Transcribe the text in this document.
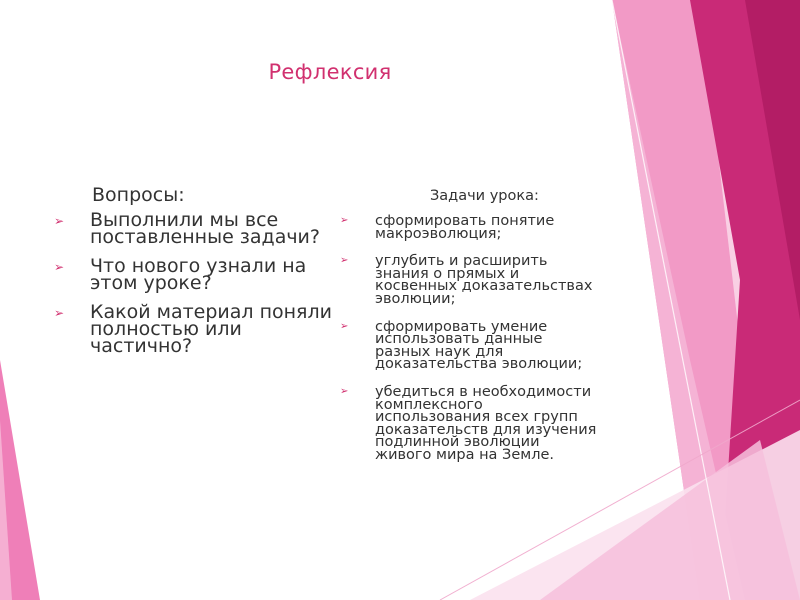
Рефлексия
Вопросы:
➢ Выполнили мы все поставленные задачи?
➢ Что нового узнали на этом уроке?
➢ Какой материал поняли полностью или частично?
Задачи урока:
➢ сформировать понятие макроэволюция;
➢ углубить и расширить знания о прямых и косвенных доказательствах эволюции;
➢ сформировать умение использовать данные разных наук для доказательства эволюции;
➢ убедиться в необходимости комплексного использования всех групп доказательств для изучения подлинной эволюции живого мира на Земле.
